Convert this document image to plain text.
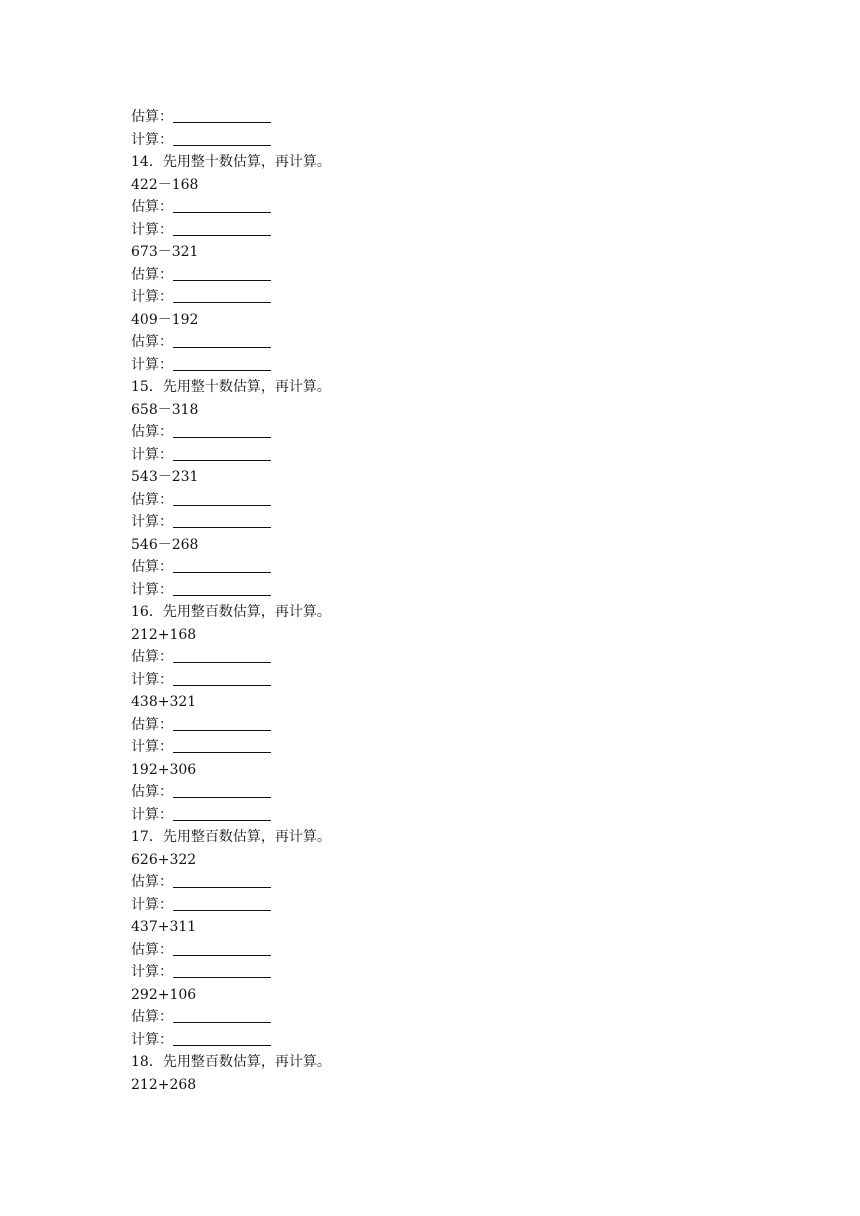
估算：
计算：
14．先用整十数估算，再计算。
422－168
估算：
计算：
673－321
估算：
计算：
409－192
估算：
计算：
15．先用整十数估算，再计算。
658－318
估算：
计算：
543－231
估算：
计算：
546－268
估算：
计算：
16．先用整百数估算，再计算。
212+168
估算：
计算：
438+321
估算：
计算：
192+306
估算：
计算：
17．先用整百数估算，再计算。
626+322
估算：
计算：
437+311
估算：
计算：
292+106
估算：
计算：
18．先用整百数估算，再计算。
212+268
